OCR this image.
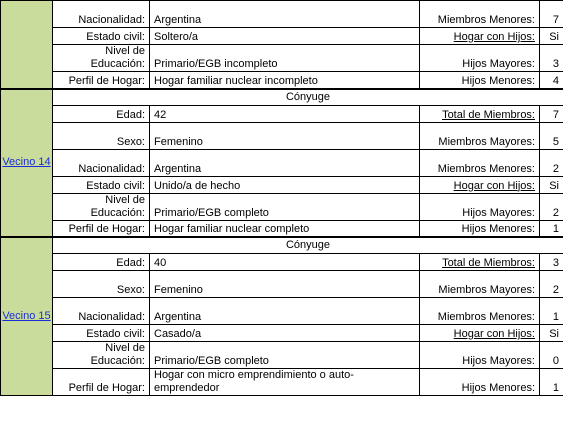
	Nacionalidad:	Argentina	Miembros Menores:	7
	Estado civil:	Soltero/a	Hogar con Hijos:	Si
	Nivel de Educación:	Primario/EGB incompleto	Hijos Mayores:	3
	Perfil de Hogar:	Hogar familiar nuclear incompleto	Hijos Menores:	4
Vecino 14	Cónyuge			
	Edad:	42	Total de Miembros:	7
	Sexo:	Femenino	Miembros Mayores:	5
	Nacionalidad:	Argentina	Miembros Menores:	2
	Estado civil:	Unido/a de hecho	Hogar con Hijos:	Si
	Nivel de Educación:	Primario/EGB completo	Hijos Mayores:	2
	Perfil de Hogar:	Hogar familiar nuclear completo	Hijos Menores:	1
Vecino 15	Cónyuge			
	Edad:	40	Total de Miembros:	3
	Sexo:	Femenino	Miembros Mayores:	2
	Nacionalidad:	Argentina	Miembros Menores:	1
	Estado civil:	Casado/a	Hogar con Hijos:	Si
	Nivel de Educación:	Primario/EGB completo	Hijos Mayores:	0
	Perfil de Hogar:	Hogar con micro emprendimiento o auto-emprendedor	Hijos Menores:	1
